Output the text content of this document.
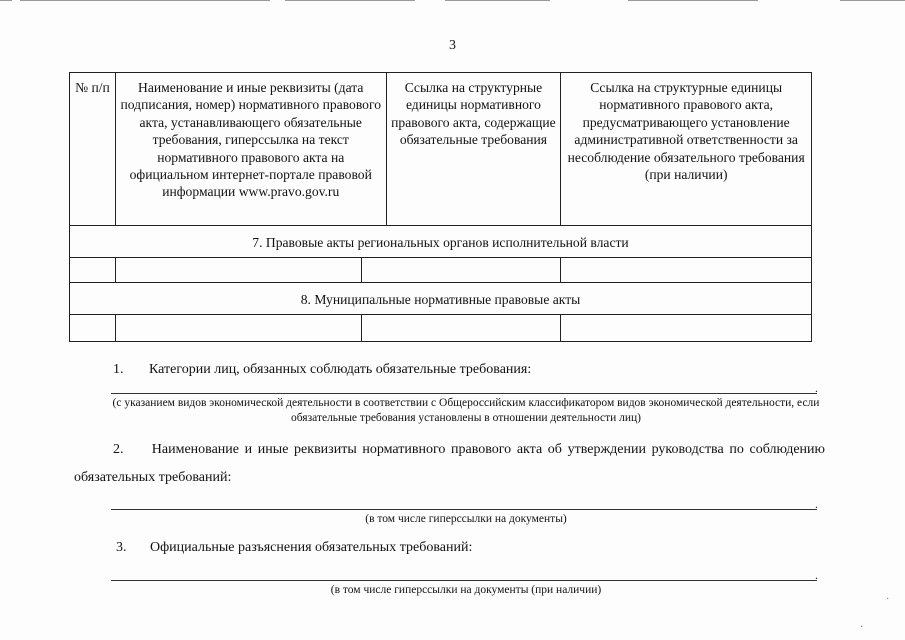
3
№ п/п	Наименование и иные реквизиты (дата подписания, номер) нормативного правового акта, устанавливающего обязательные требования, гиперссылка на текст нормативного правового акта на официальном интернет-портале правовой информации www.pravo.gov.ru	Ссылка на структурные единицы нормативного правового акта, содержащие обязательные требования	Ссылка на структурные единицы нормативного правового акта, предусматривающего установление административной ответственности за несоблюдение обязательного требования (при наличии)
7. Правовые акты региональных органов исполнительной власти			

8. Муниципальные нормативные правовые акты			

1. Категории лиц, обязанных соблюдать обязательные требования:
.
(с указанием видов экономической деятельности в соответствии с Общероссийским классификатором видов экономической деятельности, если обязательные требования установлены в отношении деятельности лиц)
2. Наименование и иные реквизиты нормативного правового акта об утверждении руководства по соблюдению обязательных требований:
.
(в том числе гиперссылки на документы)
3. Официальные разъяснения обязательных требований:
.
(в том числе гиперссылки на документы (при наличии)
·
·
